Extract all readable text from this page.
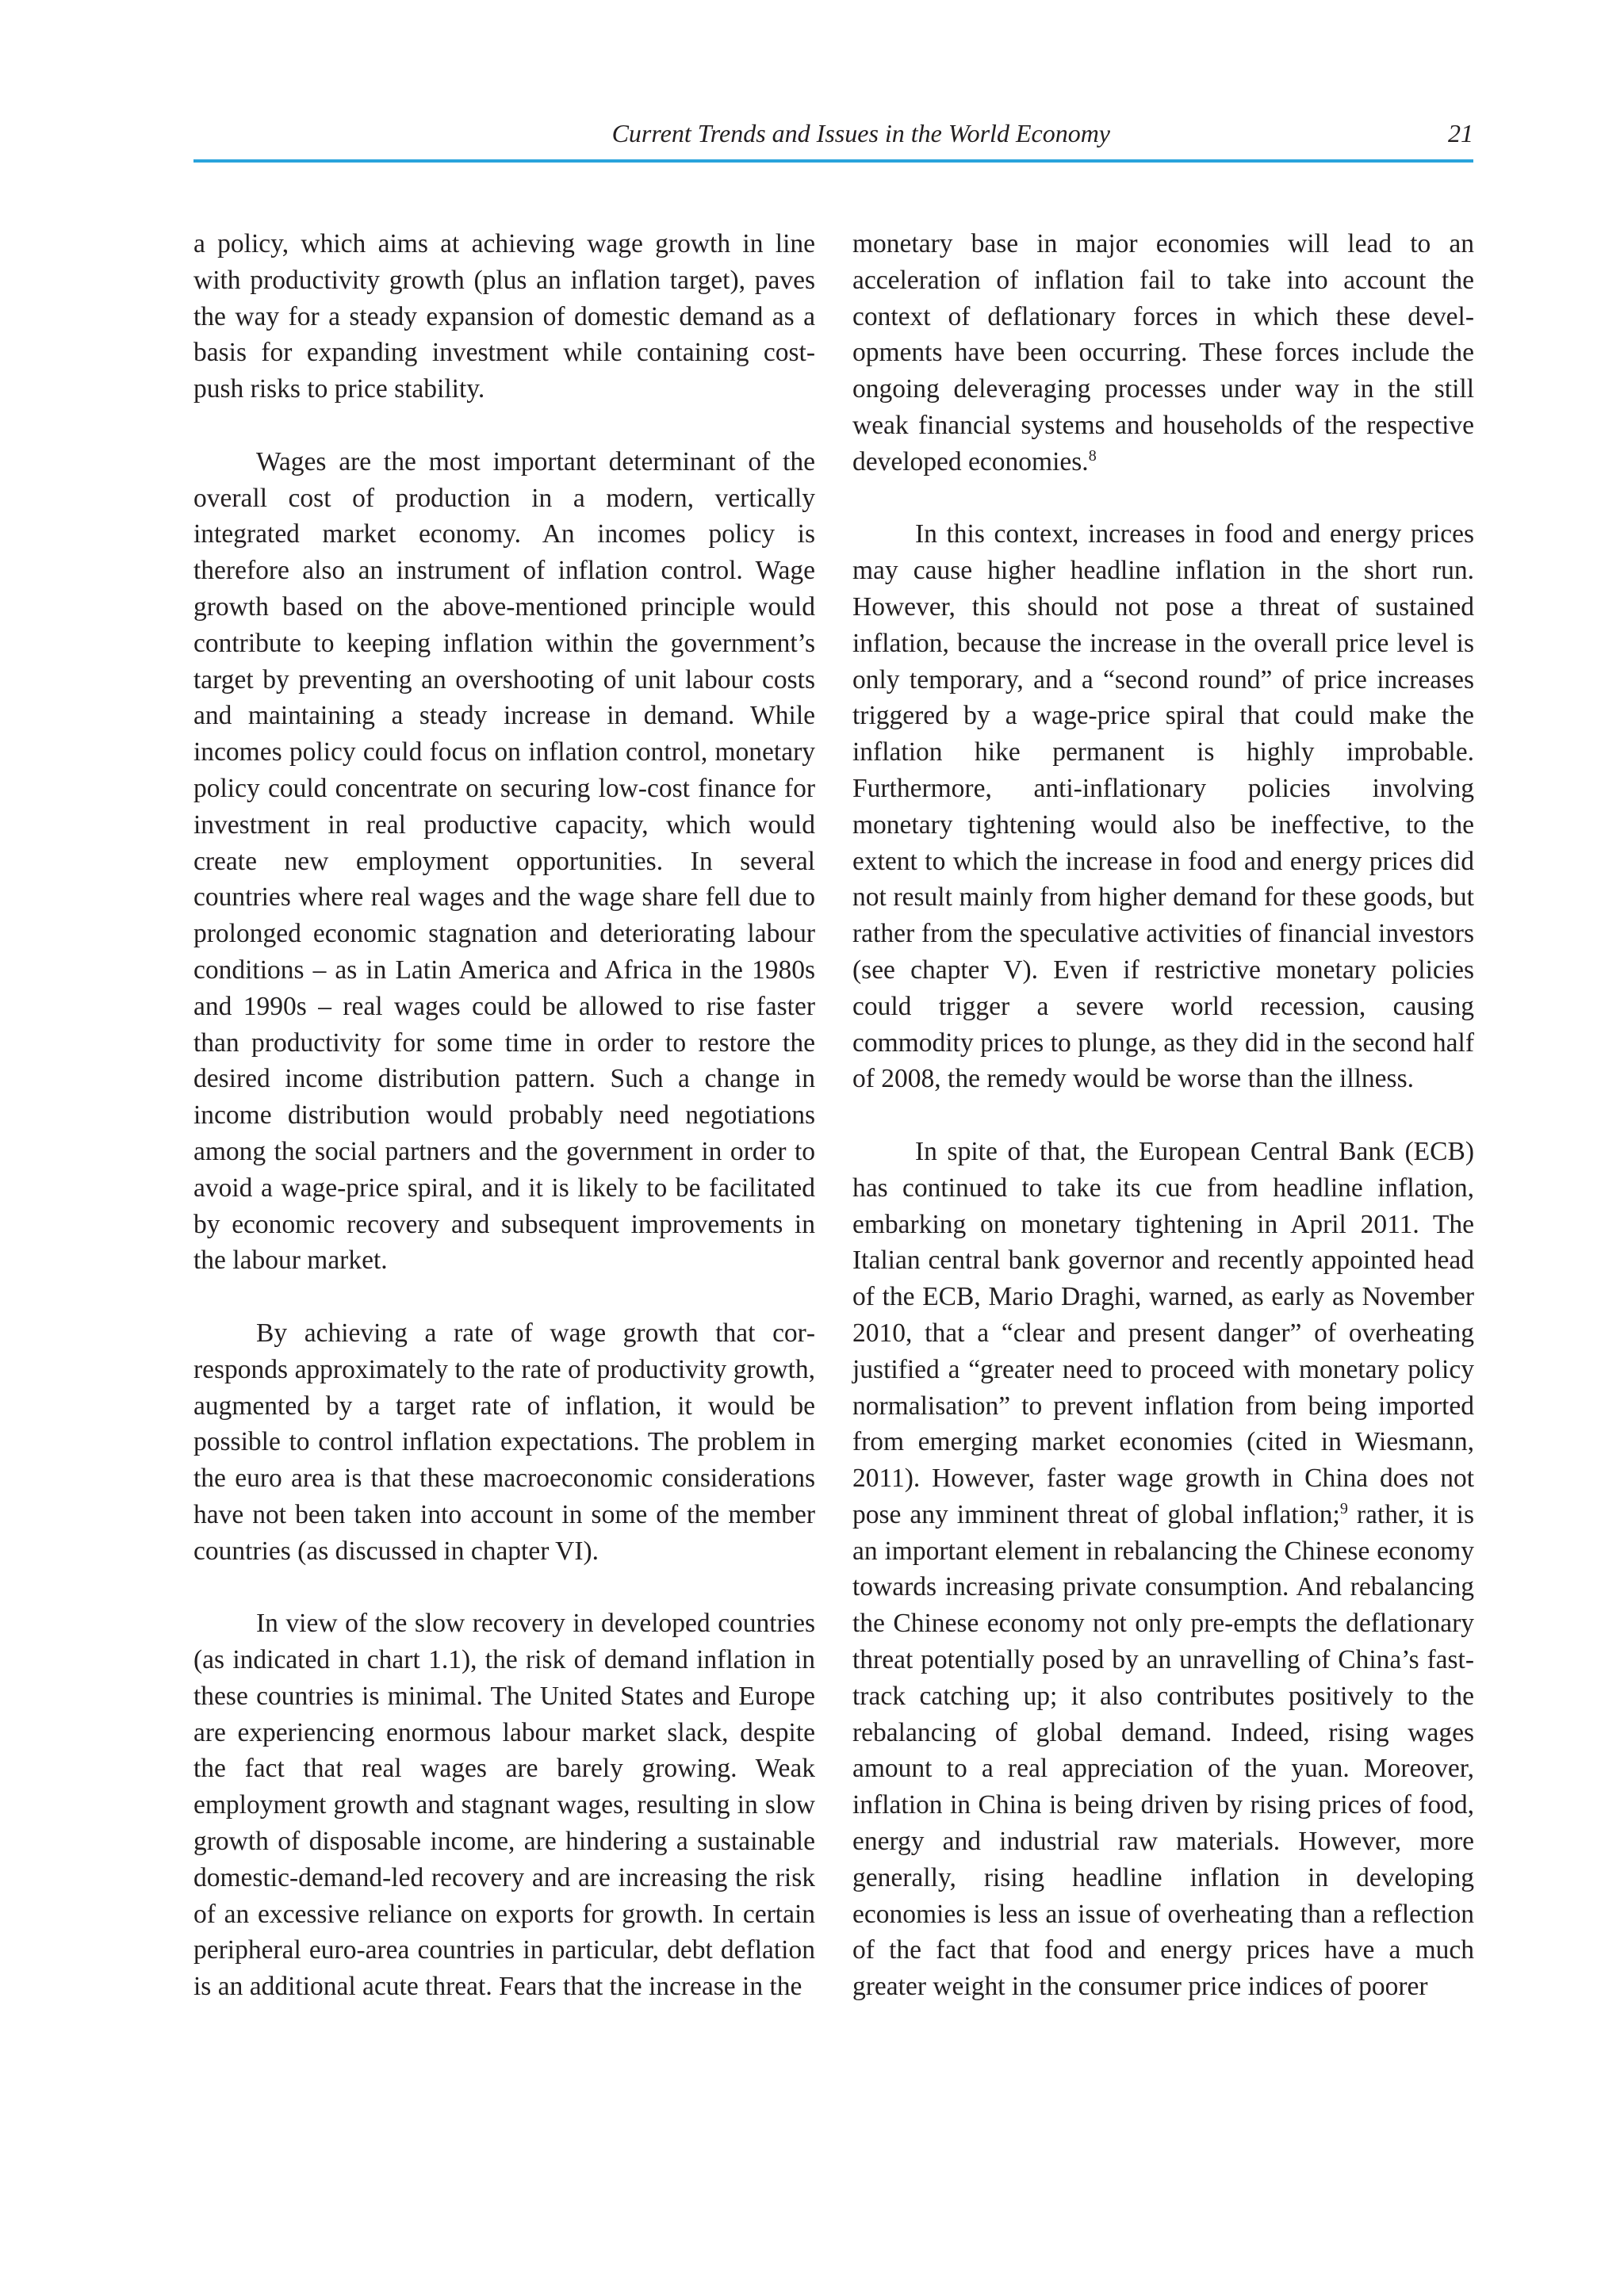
Current Trends and Issues in the World Economy	21

a policy, which aims at achieving wage growth in line with productivity growth (plus an inflation target), paves the way for a steady expansion of domestic demand as a basis for expanding investment while containing cost-push risks to price stability.

Wages are the most important determinant of the overall cost of production in a modern, vertically integrated market economy. An incomes policy is therefore also an instrument of inflation control. Wage growth based on the above-mentioned principle would contribute to keeping inflation within the government’s target by preventing an overshooting of unit labour costs and maintaining a steady increase in demand. While incomes policy could focus on inflation control, monetary policy could concentrate on securing low-cost finance for investment in real productive capacity, which would create new employment opportunities. In several countries where real wages and the wage share fell due to prolonged economic stagnation and deteriorating labour conditions – as in Latin America and Africa in the 1980s and 1990s – real wages could be allowed to rise faster than productivity for some time in order to restore the desired income distribution pattern. Such a change in income distribution would probably need negotiations among the social partners and the government in order to avoid a wage-price spiral, and it is likely to be facilitated by economic recovery and subsequent improvements in the labour market.

By achieving a rate of wage growth that corresponds approximately to the rate of productivity growth, augmented by a target rate of inflation, it would be possible to control inflation expectations. The problem in the euro area is that these macroeconomic considerations have not been taken into account in some of the member countries (as discussed in chapter VI).

In view of the slow recovery in developed countries (as indicated in chart 1.1), the risk of demand inflation in these countries is minimal. The United States and Europe are experiencing enormous labour market slack, despite the fact that real wages are barely growing. Weak employment growth and stagnant wages, resulting in slow growth of disposable income, are hindering a sustainable domestic-demand-led recovery and are increasing the risk of an excessive reliance on exports for growth. In certain peripheral euro-area countries in particular, debt deflation is an additional acute threat. Fears that the increase in the

monetary base in major economies will lead to an acceleration of inflation fail to take into account the context of deflationary forces in which these developments have been occurring. These forces include the ongoing deleveraging processes under way in the still weak financial systems and households of the respective developed economies.$^8$

In this context, increases in food and energy prices may cause higher headline inflation in the short run. However, this should not pose a threat of sustained inflation, because the increase in the overall price level is only temporary, and a “second round” of price increases triggered by a wage-price spiral that could make the inflation hike permanent is highly improbable. Furthermore, anti-inflationary policies involving monetary tightening would also be ineffective, to the extent to which the increase in food and energy prices did not result mainly from higher demand for these goods, but rather from the speculative activities of financial investors (see chapter V). Even if restrictive monetary policies could trigger a severe world recession, causing commodity prices to plunge, as they did in the second half of 2008, the remedy would be worse than the illness.

In spite of that, the European Central Bank (ECB) has continued to take its cue from headline inflation, embarking on monetary tightening in April 2011. The Italian central bank governor and recently appointed head of the ECB, Mario Draghi, warned, as early as November 2010, that a “clear and present danger” of overheating justified a “greater need to proceed with monetary policy normalisation” to prevent inflation from being imported from emerging market economies (cited in Wiesmann, 2011). However, faster wage growth in China does not pose any imminent threat of global inflation;$^9$ rather, it is an important element in rebalancing the Chinese economy towards increasing private consumption. And rebalancing the Chinese economy not only pre-empts the deflationary threat potentially posed by an unravelling of China’s fast-track catching up; it also contributes positively to the rebalancing of global demand. Indeed, rising wages amount to a real appreciation of the yuan. Moreover, inflation in China is being driven by rising prices of food, energy and industrial raw materials. However, more generally, rising headline inflation in developing economies is less an issue of overheating than a reflection of the fact that food and energy prices have a much greater weight in the consumer price indices of poorer
